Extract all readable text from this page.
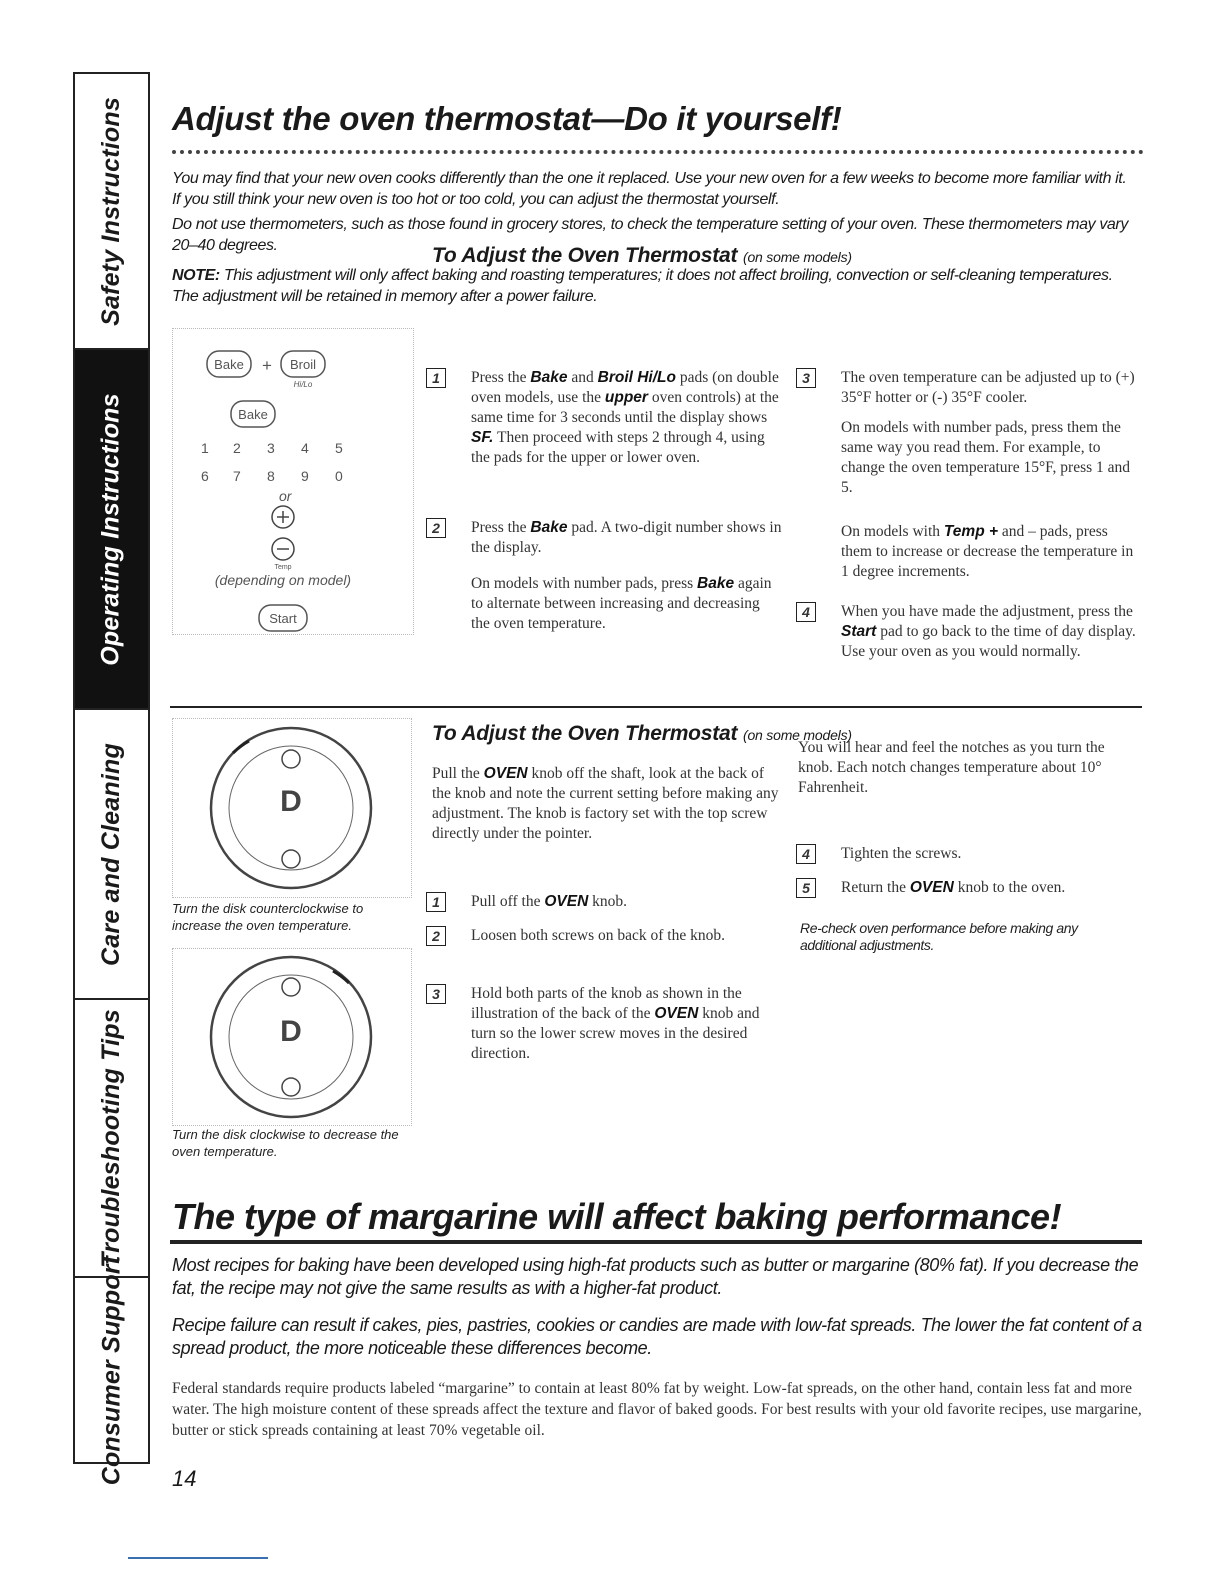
Safety Instructions
Operating Instructions
Care and Cleaning
Troubleshooting Tips
Consumer Support
Adjust the oven thermostat—Do it yourself!
You may find that your new oven cooks differently than the one it replaced. Use your new oven for a few weeks to become more familiar with it. If you still think your new oven is too hot or too cold, you can adjust the thermostat yourself.
Do not use thermometers, such as those found in grocery stores, to check the temperature setting of your oven. These thermometers may vary 20–40 degrees.
NOTE: This adjustment will only affect baking and roasting temperatures; it does not affect broiling, convection or self-cleaning temperatures. The adjustment will be retained in memory after a power failure.
Bake + Broil
Hi/Lo
Bake
1 2 3 4 5
6 7 8 9 0
or
Temp
(depending on model)
Start
To Adjust the Oven Thermostat (on some models)
1	Press the Bake and Broil Hi/Lo pads (on double oven models, use the upper oven controls) at the same time for 3 seconds until the display shows SF. Then proceed with steps 2 through 4, using the pads for the upper or lower oven.
2	Press the Bake pad. A two-digit number shows in the display.
On models with number pads, press Bake again to alternate between increasing and decreasing the oven temperature.
3	The oven temperature can be adjusted up to (+) 35°F hotter or (-) 35°F cooler.
On models with number pads, press them the same way you read them. For example, to change the oven temperature 15°F, press 1 and 5.
On models with Temp + and – pads, press them to increase or decrease the temperature in 1 degree increments.
4	When you have made the adjustment, press the Start pad to go back to the time of day display. Use your oven as you would normally.
D
Turn the disk counterclockwise to increase the oven temperature.
D
Turn the disk clockwise to decrease the oven temperature.
To Adjust the Oven Thermostat (on some models)
Pull the OVEN knob off the shaft, look at the back of the knob and note the current setting before making any adjustment. The knob is factory set with the top screw directly under the pointer.
1	Pull off the OVEN knob.
2	Loosen both screws on back of the knob.
3	Hold both parts of the knob as shown in the illustration of the back of the OVEN knob and turn so the lower screw moves in the desired direction.
You will hear and feel the notches as you turn the knob. Each notch changes temperature about 10° Fahrenheit.
4	Tighten the screws.
5	Return the OVEN knob to the oven.
Re-check oven performance before making any additional adjustments.
The type of margarine will affect baking performance!
Most recipes for baking have been developed using high-fat products such as butter or margarine (80% fat). If you decrease the fat, the recipe may not give the same results as with a higher-fat product.
Recipe failure can result if cakes, pies, pastries, cookies or candies are made with low-fat spreads. The lower the fat content of a spread product, the more noticeable these differences become.
Federal standards require products labeled “margarine” to contain at least 80% fat by weight. Low-fat spreads, on the other hand, contain less fat and more water. The high moisture content of these spreads affect the texture and flavor of baked goods. For best results with your old favorite recipes, use margarine, butter or stick spreads containing at least 70% vegetable oil.
14
